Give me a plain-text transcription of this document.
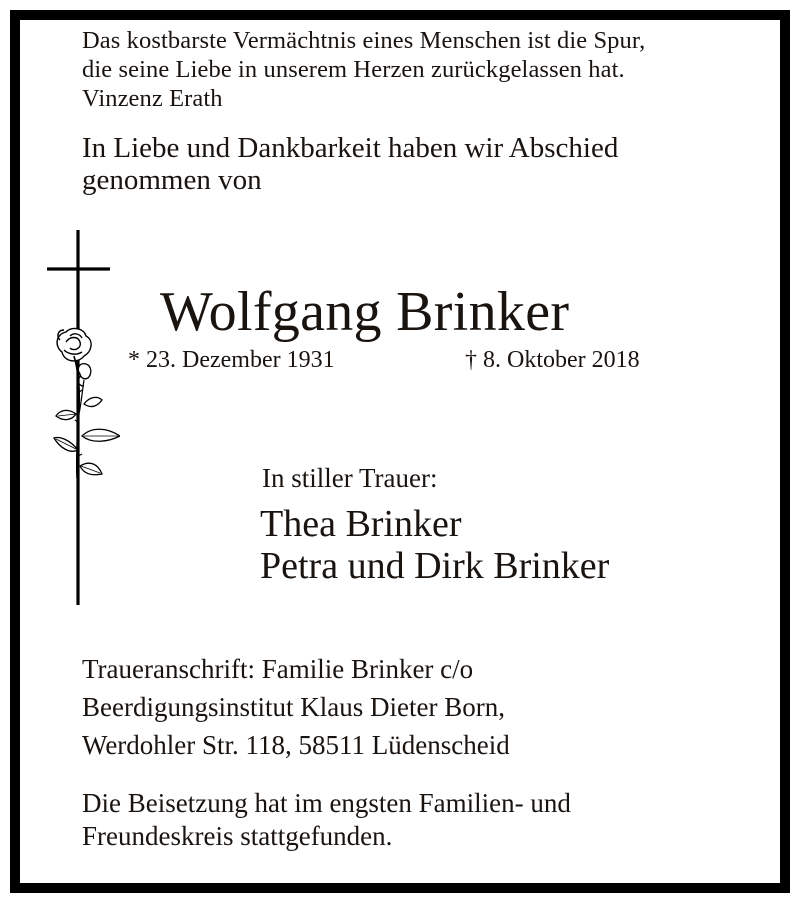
Das kostbarste Vermächtnis eines Menschen ist die Spur,
die seine Liebe in unserem Herzen zurückgelassen hat.
Vinzenz Erath
In Liebe und Dankbarkeit haben wir Abschied
genommen von
Wolfgang Brinker
* 23. Dezember 1931	† 8. Oktober 2018
In stiller Trauer:
Thea Brinker
Petra und Dirk Brinker
Traueranschrift: Familie Brinker c/o
Beerdigungsinstitut Klaus Dieter Born,
Werdohler Str. 118, 58511 Lüdenscheid
Die Beisetzung hat im engsten Familien- und
Freundeskreis stattgefunden.
